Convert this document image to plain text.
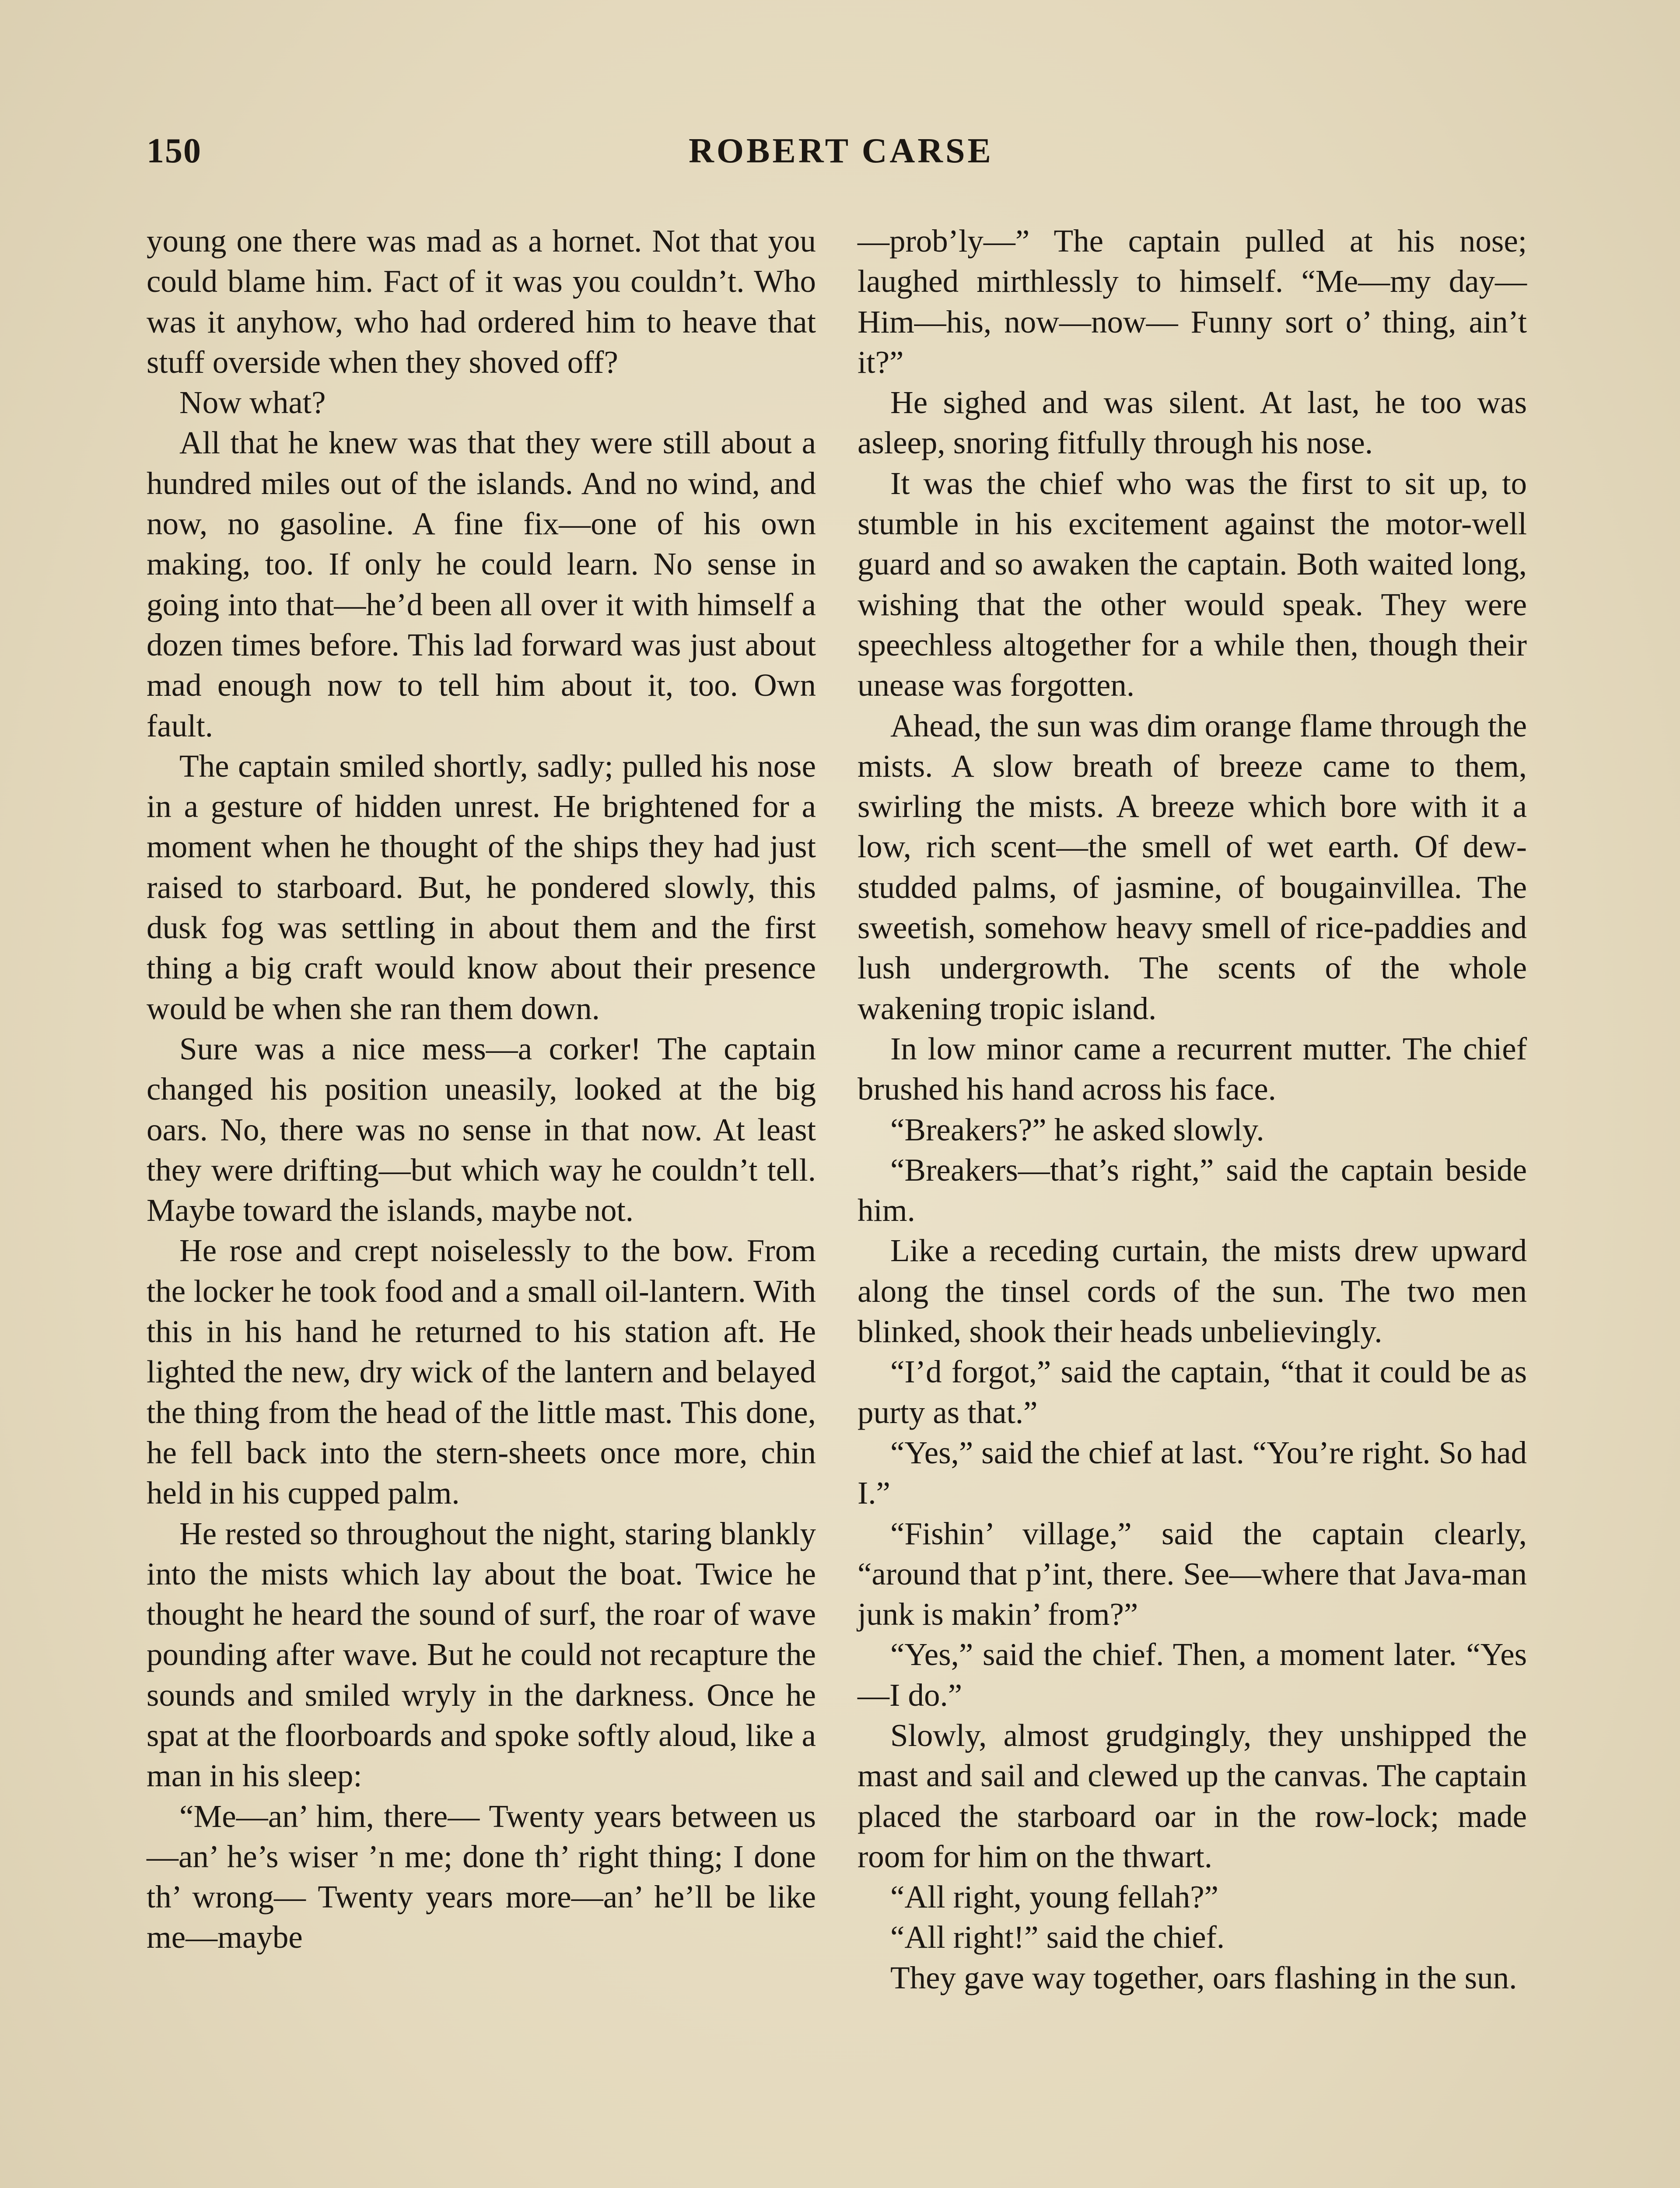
150	ROBERT CARSE

young one there was mad as a hornet. Not that you could blame him. Fact of it was you couldn’t. Who was it anyhow, who had ordered him to heave that stuff overside when they shoved off?

Now what?

All that he knew was that they were still about a hundred miles out of the islands. And no wind, and now, no gasoline. A fine fix—one of his own making, too. If only he could learn. No sense in going into that—he’d been all over it with himself a dozen times before. This lad forward was just about mad enough now to tell him about it, too. Own fault.

The captain smiled shortly, sadly; pulled his nose in a gesture of hidden unrest. He brightened for a moment when he thought of the ships they had just raised to starboard. But, he pondered slowly, this dusk fog was settling in about them and the first thing a big craft would know about their presence would be when she ran them down.

Sure was a nice mess—a corker! The captain changed his position uneasily, looked at the big oars. No, there was no sense in that now. At least they were drifting—but which way he couldn’t tell. Maybe toward the islands, maybe not.

He rose and crept noiselessly to the bow. From the locker he took food and a small oil-lantern. With this in his hand he returned to his station aft. He lighted the new, dry wick of the lantern and belayed the thing from the head of the little mast. This done, he fell back into the stern-sheets once more, chin held in his cupped palm.

He rested so throughout the night, staring blankly into the mists which lay about the boat. Twice he thought he heard the sound of surf, the roar of wave pounding after wave. But he could not recapture the sounds and smiled wryly in the darkness. Once he spat at the floorboards and spoke softly aloud, like a man in his sleep:

“Me—an’ him, there— Twenty years between us—an’ he’s wiser ’n me; done th’ right thing; I done th’ wrong— Twenty years more—an’ he’ll be like me—maybe

—prob’ly—” The captain pulled at his nose; laughed mirthlessly to himself. “Me—my day— Him—his, now—now— Funny sort o’ thing, ain’t it?”

He sighed and was silent. At last, he too was asleep, snoring fitfully through his nose.

It was the chief who was the first to sit up, to stumble in his excitement against the motor-well guard and so awaken the captain. Both waited long, wishing that the other would speak. They were speechless altogether for a while then, though their unease was forgotten.

Ahead, the sun was dim orange flame through the mists. A slow breath of breeze came to them, swirling the mists. A breeze which bore with it a low, rich scent—the smell of wet earth. Of dew-studded palms, of jasmine, of bougainvillea. The sweetish, somehow heavy smell of rice-paddies and lush undergrowth. The scents of the whole wakening tropic island.

In low minor came a recurrent mutter. The chief brushed his hand across his face.

“Breakers?” he asked slowly.

“Breakers—that’s right,” said the captain beside him.

Like a receding curtain, the mists drew upward along the tinsel cords of the sun. The two men blinked, shook their heads unbelievingly.

“I’d forgot,” said the captain, “that it could be as purty as that.”

“Yes,” said the chief at last. “You’re right. So had I.”

“Fishin’ village,” said the captain clearly, “around that p’int, there. See—where that Java-man junk is makin’ from?”

“Yes,” said the chief. Then, a moment later. “Yes—I do.”

Slowly, almost grudgingly, they unshipped the mast and sail and clewed up the canvas. The captain placed the starboard oar in the row-lock; made room for him on the thwart.

“All right, young fellah?”

“All right!” said the chief.

They gave way together, oars flashing in the sun.
